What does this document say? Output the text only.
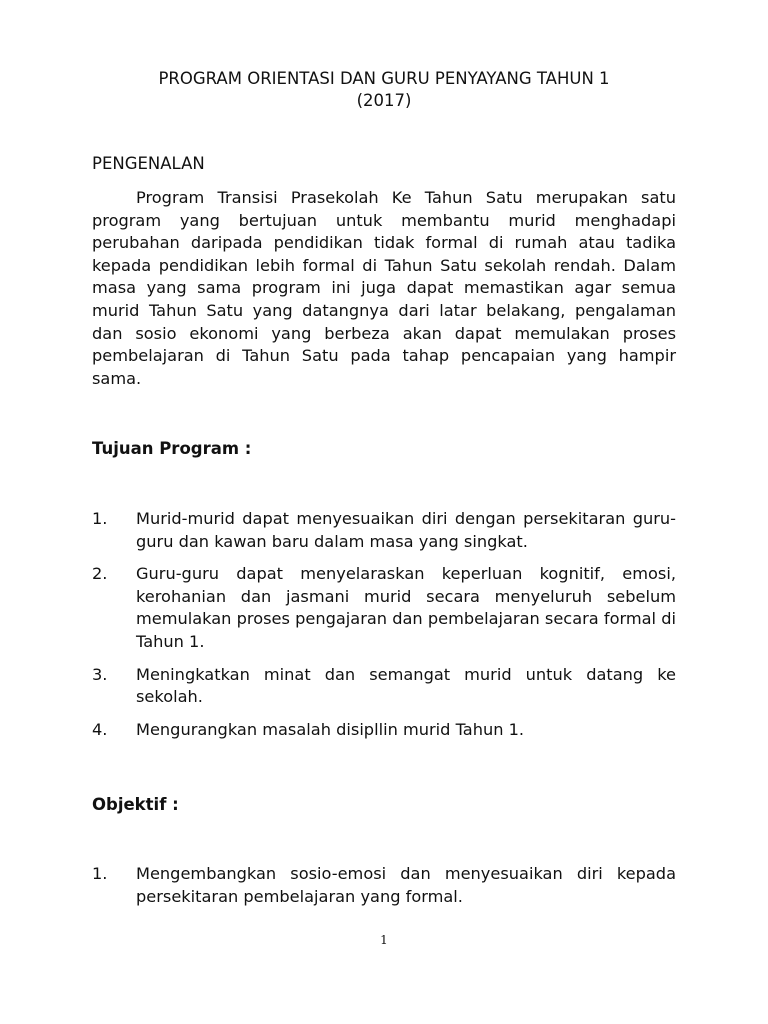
PROGRAM ORIENTASI DAN GURU PENYAYANG TAHUN 1
(2017)
PENGENALAN

Program Transisi Prasekolah Ke Tahun Satu merupakan satu program yang bertujuan untuk membantu murid menghadapi perubahan daripada pendidikan tidak formal di rumah atau tadika kepada pendidikan lebih formal di Tahun Satu sekolah rendah. Dalam masa yang sama program ini juga dapat memastikan agar semua murid Tahun Satu yang datangnya dari latar belakang, pengalaman dan sosio ekonomi yang berbeza akan dapat memulakan proses pembelajaran di Tahun Satu pada tahap pencapaian yang hampir sama.

Tujuan Program :
1.	Murid-murid dapat menyesuaikan diri dengan persekitaran guru-guru dan kawan baru dalam masa yang singkat.
2.	Guru-guru dapat menyelaraskan keperluan kognitif, emosi, kerohanian dan jasmani murid secara menyeluruh sebelum memulakan proses pengajaran dan pembelajaran secara formal di Tahun 1.
3.	Meningkatkan minat dan semangat murid untuk datang ke sekolah.
4.	Mengurangkan masalah disipllin murid Tahun 1.
Objektif :
1.	Mengembangkan sosio-emosi dan menyesuaikan diri kepada persekitaran pembelajaran yang formal.
1
